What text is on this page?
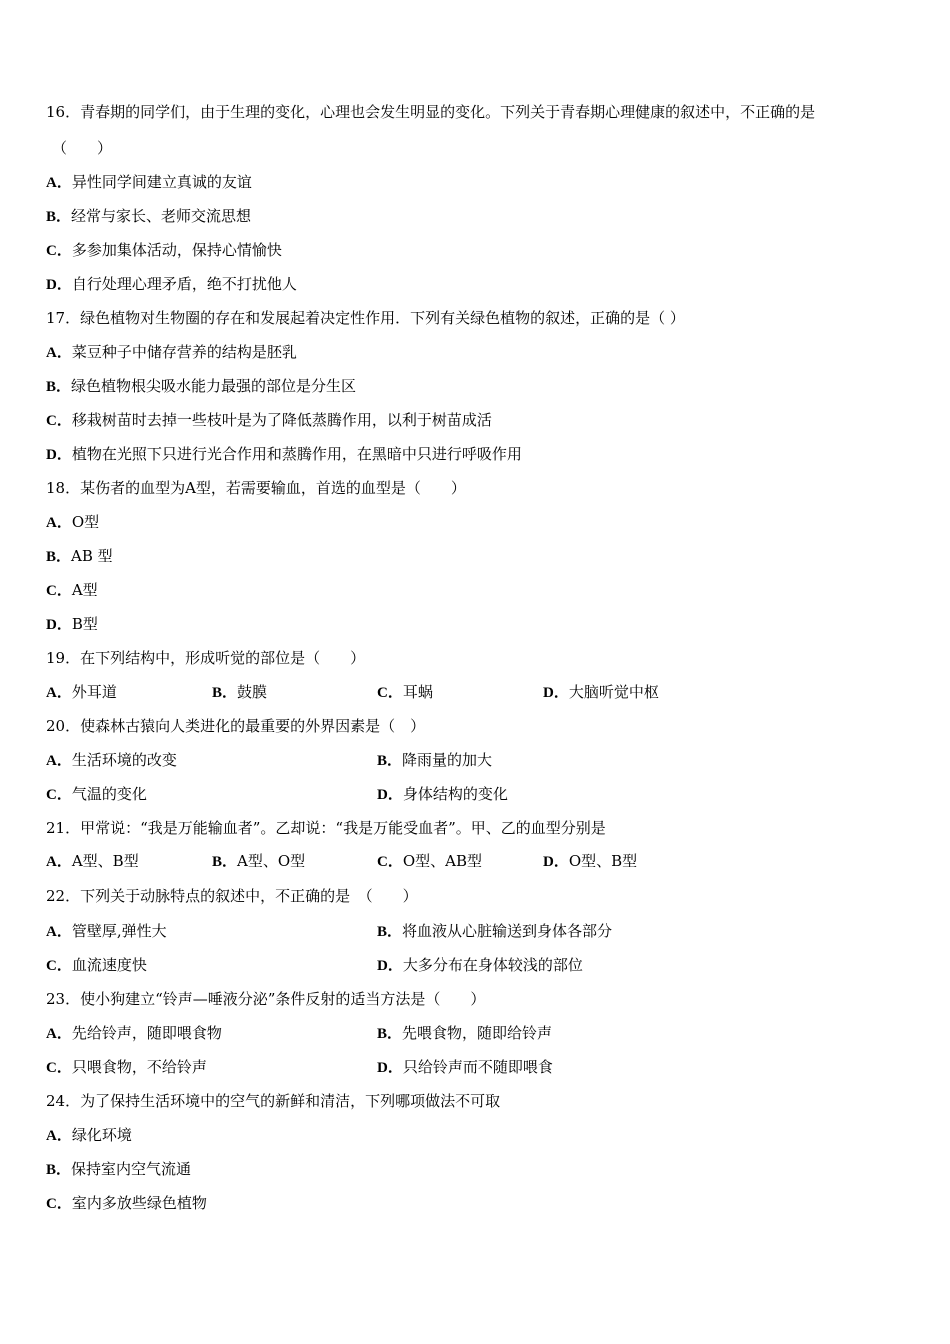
16．青春期的同学们，由于生理的变化，心理也会发生明显的变化。下列关于青春期心理健康的叙述中，不正确的是
（　　）
A．异性同学间建立真诚的友谊
B．经常与家长、老师交流思想
C．多参加集体活动，保持心情愉快
D．自行处理心理矛盾，绝不打扰他人
17．绿色植物对生物圈的存在和发展起着决定性作用．下列有关绿色植物的叙述，正确的是（ ）
A．菜豆种子中储存营养的结构是胚乳
B．绿色植物根尖吸水能力最强的部位是分生区
C．移栽树苗时去掉一些枝叶是为了降低蒸腾作用，以利于树苗成活
D．植物在光照下只进行光合作用和蒸腾作用，在黑暗中只进行呼吸作用
18．某伤者的血型为A型，若需要输血，首选的血型是（　　）
A．O型
B．AB 型
C．A型
D．B型
19．在下列结构中，形成听觉的部位是（　　）
A．外耳道	B．鼓膜	C．耳蜗	D．大脑听觉中枢
20．使森林古猿向人类进化的最重要的外界因素是（　）
A．生活环境的改变	B．降雨量的加大
C．气温的变化	D．身体结构的变化
21．甲常说：“我是万能输血者”。乙却说：“我是万能受血者”。甲、乙的血型分别是
A．A型、B型	B．A型、O型	C．O型、AB型	D．O型、B型
22．下列关于动脉特点的叙述中，不正确的是　（　　）
A．管壁厚,弹性大	B．将血液从心脏输送到身体各部分
C．血流速度快	D．大多分布在身体较浅的部位
23．使小狗建立“铃声—唾液分泌”条件反射的适当方法是（　　）
A．先给铃声，随即喂食物	B．先喂食物，随即给铃声
C．只喂食物，不给铃声	D．只给铃声而不随即喂食
24．为了保持生活环境中的空气的新鲜和清洁，下列哪项做法不可取
A．绿化环境
B．保持室内空气流通
C．室内多放些绿色植物
